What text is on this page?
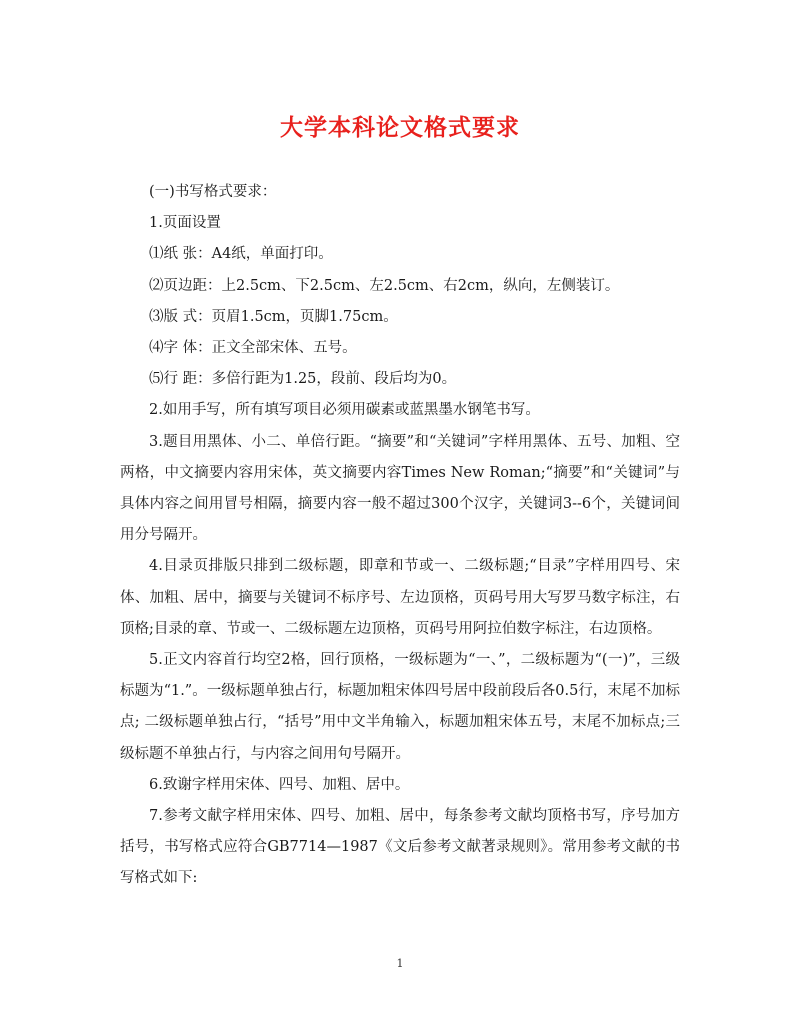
大学本科论文格式要求

(一)书写格式要求：

1.页面设置

⑴纸 张：A4纸，单面打印。

⑵页边距：上2.5cm、下2.5cm、左2.5cm、右2cm，纵向，左侧装订。

⑶版 式：页眉1.5cm，页脚1.75cm。

⑷字 体：正文全部宋体、五号。

⑸行 距：多倍行距为1.25，段前、段后均为0。

2.如用手写，所有填写项目必须用碳素或蓝黑墨水钢笔书写。

3.题目用黑体、小二、单倍行距。“摘要”和“关键词”字样用黑体、五号、加粗、空两格，中文摘要内容用宋体，英文摘要内容Times New Roman;“摘要”和“关键词”与具体内容之间用冒号相隔，摘要内容一般不超过300个汉字，关键词3--6个，关键词间用分号隔开。

4.目录页排版只排到二级标题，即章和节或一、二级标题;“目录”字样用四号、宋体、加粗、居中，摘要与关键词不标序号、左边顶格，页码号用大写罗马数字标注，右顶格;目录的章、节或一、二级标题左边顶格，页码号用阿拉伯数字标注，右边顶格。

5.正文内容首行均空2格，回行顶格，一级标题为“一、”，二级标题为“(一)”，三级标题为“1.”。一级标题单独占行，标题加粗宋体四号居中段前段后各0.5行，末尾不加标点; 二级标题单独占行，“括号”用中文半角输入，标题加粗宋体五号，末尾不加标点;三级标题不单独占行，与内容之间用句号隔开。

6.致谢字样用宋体、四号、加粗、居中。

7.参考文献字样用宋体、四号、加粗、居中，每条参考文献均顶格书写，序号加方括号，书写格式应符合GB7714—1987《文后参考文献著录规则》。常用参考文献的书写格式如下:

1
